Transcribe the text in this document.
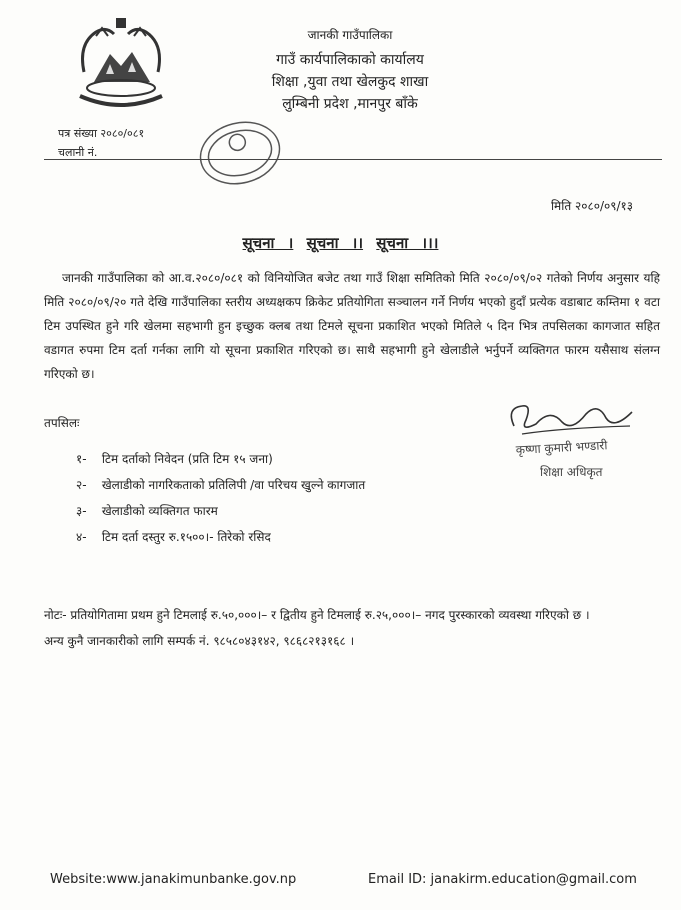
जानकी गाउँपालिका
गाउँ कार्यपालिकाको कार्यालय
शिक्षा ,युवा तथा खेलकुद शाखा
लुम्बिनी प्रदेश ,मानपुर बाँके
पत्र संख्या २०८०/०८१
चलानी नं.
मिति २०८०/०९/१३
सूचना । सूचना ।। सूचना ।।।
जानकी गाउँपालिका को आ.व.२०८०/०८१ को विनियोजित बजेट तथा गाउँ शिक्षा समितिको मिति २०८०/०९/०२ गतेको निर्णय अनुसार यहि मिति २०८०/०९/२० गते देखि गाउँपालिका स्तरीय अध्यक्षकप क्रिकेट प्रतियोगिता सञ्चालन गर्ने निर्णय भएको हुदाँ प्रत्येक वडाबाट कम्तिमा १ वटा टिम उपस्थित हुने गरि खेलमा सहभागी हुन इच्छुक क्लब तथा टिमले सूचना प्रकाशित भएको मितिले ५ दिन भित्र तपसिलका कागजात सहित वडागत रुपमा टिम दर्ता गर्नका लागि यो सूचना प्रकाशित गरिएको छ। साथै सहभागी हुने खेलाडीले भर्नुपर्ने व्यक्तिगत फारम यसैसाथ संलग्न गरिएको छ।
तपसिलः
कृष्णा कुमारी भण्डारी
शिक्षा अधिकृत
१- टिम दर्ताको निवेदन (प्रति टिम १५ जना)
२- खेलाडीको नागरिकताको प्रतिलिपी /वा परिचय खुल्ने कागजात
३- खेलाडीको व्यक्तिगत फारम
४- टिम दर्ता दस्तुर रु.१५००।- तिरेको रसिद
नोटः- प्रतियोगितामा प्रथम हुने टिमलाई रु.५०,०००।– र द्वितीय हुने टिमलाई रु.२५,०००।– नगद पुरस्कारको व्यवस्था गरिएको छ ।
अन्य कुनै जानकारीको लागि सम्पर्क नं. ९८५८०४३१४२, ९८६८२१३१६८ ।
Website:www.janakimunbanke.gov.np	Email ID: janakirm.education@gmail.com
